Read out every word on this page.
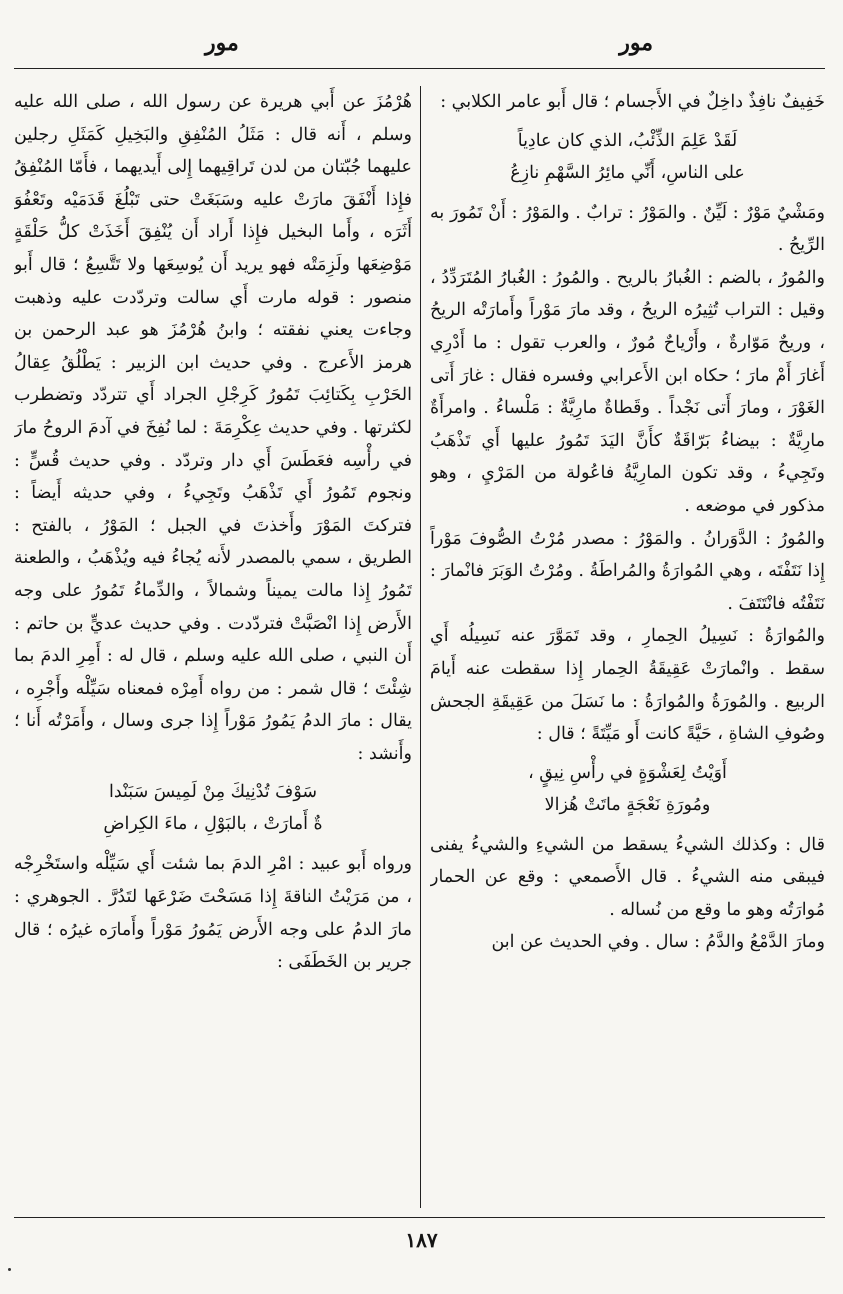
مور
مور

خَفِيفٌ نافِذٌ داخِلٌ في الأَجسام ؛ قال أَبو عامر الكلابي :

لَقَدْ عَلِمَ الذِّئْبُ، الذي كان عادِياً
على الناسِ، أَنِّي مائِرُ السَّهْمِ نازِعُ

ومَشْيٌ مَوْرٌ : لَيِّنٌ . والمَوْرُ : ترابٌ . والمَوْرُ : أَنْ تَمُورَ به الرِّيحُ .

والمُورُ ، بالضم : الغُبارُ بالريح . والمُورُ : الغُبارُ المُتَرَدِّدُ ، وقيل : التراب تُثِيرُه الريحُ ، وقد مارَ مَوْراً وأَمارَتْه الريحُ ، وريحٌ مَوّارةٌ ، وأَرْياحٌ مُورٌ ، والعرب تقول : ما أَدْرِي أَغارَ أَمْ مارَ ؛ حكاه ابن الأَعرابي وفسره فقال : غارَ أَتى الغَوْرَ ، ومارَ أَتى نَجْداً . وقَطاةٌ مارِيَّةٌ : مَلْساءُ . وامرأَةٌ مارِيَّةٌ : بيضاءُ بَرّاقَةٌ كأَنَّ اليَدَ تَمُورُ عليها أَي تَذْهَبُ وتَجِيءُ ، وقد تكون المارِيَّةُ فاعُولة من المَرْيِ ، وهو مذكور في موضعه .

والمُورُ : الدَّوَرانُ . والمَوْرُ : مصدر مُرْتُ الصُّوفَ مَوْراً إِذا نَتَفْتَه ، وهي المُوارَةُ والمُراطَةُ . ومُرْتُ الوَبَرَ فانْمارَ : نَتَفْتُه فانْتَتَفَ .

والمُوارَةُ : نَسِيلُ الحِمارِ ، وقد تَمَوَّرَ عنه نَسِيلُه أَي سقط . وانْمارَتْ عَقِيقَةُ الحِمار إِذا سقطت عنه أَيامَ الربيع . والمُورَةُ والمُوارَةُ : ما نَسَلَ من عَقِيقَةِ الجحش وصُوفِ الشاةِ ، حَيَّةً كانت أَو مَيِّتَةً ؛ قال :

أَوَيْتُ لِعَشْوَةٍ في رأْسِ نِيقٍ ،
ومُورَةِ نَعْجَةٍ ماتَتْ هُزالا

قال : وكذلك الشيءُ يسقط من الشيءِ والشيءُ يفنى فيبقى منه الشيءُ . قال الأَصمعي : وقع عن الحمار مُوارَتُه وهو ما وقع من نُساله .

ومارَ الدَّمْعُ والدَّمُ : سال . وفي الحديث عن ابن

هُرْمُزَ عن أَبي هريرة عن رسول الله ، صلى الله عليه وسلم ، أَنه قال : مَثَلُ المُنْفِقِ والبَخِيلِ كَمَثَلِ رجلين عليهما جُبّتان من لدن تَراقِيهما إِلى أَيديهما ، فأَمّا المُنْفِقُ فإِذا أَنْفَقَ مارَتْ عليه وسَبَغَتْ حتى تَبْلُغَ قَدَمَيْه وتَعْفُوَ أَثَرَه ، وأَما البخيل فإِذا أَراد أَن يُنْفِقَ أَخَذَتْ كلُّ حَلْقَةٍ مَوْضِعَها ولَزِمَتْه فهو يريد أَن يُوسِعَها ولا تَتَّسِعُ ؛ قال أَبو منصور : قوله مارت أَي سالت وتردّدت عليه وذهبت وجاءت يعني نفقته ؛ وابنُ هُرْمُزَ هو عبد الرحمن بن هرمز الأَعرج . وفي حديث ابن الزبير : يَطْلُقُ عِقالُ الحَرْبِ بِكَتائِبَ تَمُورُ كَرِجْلِ الجراد أَي تتردّد وتضطرب لكثرتها . وفي حديث عِكْرِمَةَ : لما نُفِخَ في آدمَ الروحُ مارَ في رأْسِه فعَطَسَ أَي دار وتردّد . وفي حديث قُسٍّ : ونجوم تَمُورُ أَي تَذْهَبُ وتَجِيءُ ، وفي حديثه أَيضاً : فتركتَ المَوْرَ وأَخذتَ في الجبل ؛ المَوْرُ ، بالفتح : الطريق ، سمي بالمصدر لأَنه يُجاءُ فيه ويُذْهَبُ ، والطعنة تَمُورُ إِذا مالت يميناً وشمالاً ، والدِّماءُ تَمُورُ على وجه الأَرض إِذا انْصَبَّتْ فتردّدت . وفي حديث عديٍّ بن حاتم : أَن النبي ، صلى الله عليه وسلم ، قال له : أَمِرِ الدمَ بما شِئْتَ ؛ قال شمر : من رواه أَمِرْه فمعناه سَيِّلْه وأَجْرِه ، يقال : مارَ الدمُ يَمُورُ مَوْراً إِذا جرى وسال ، وأَمَرْتُه أَنا ؛ وأَنشد :

سَوْفَ تُدْنِيكَ مِنْ لَمِيسَ سَبَنْدا
ةٌ أَمارَتْ ، بالبَوْلِ ، ماءَ الكِراضِ

ورواه أَبو عبيد : امْرِ الدمَ بما شئت أَي سَيِّلْه واستَخْرِجْه ، من مَرَيْتُ الناقةَ إِذا مَسَحْتَ ضَرْعَها لتَدُرَّ . الجوهري : مارَ الدمُ على وجه الأَرض يَمُورُ مَوْراً وأَمارَه غيرُه ؛ قال جرير بن الخَطَفَى :

١٨٧
